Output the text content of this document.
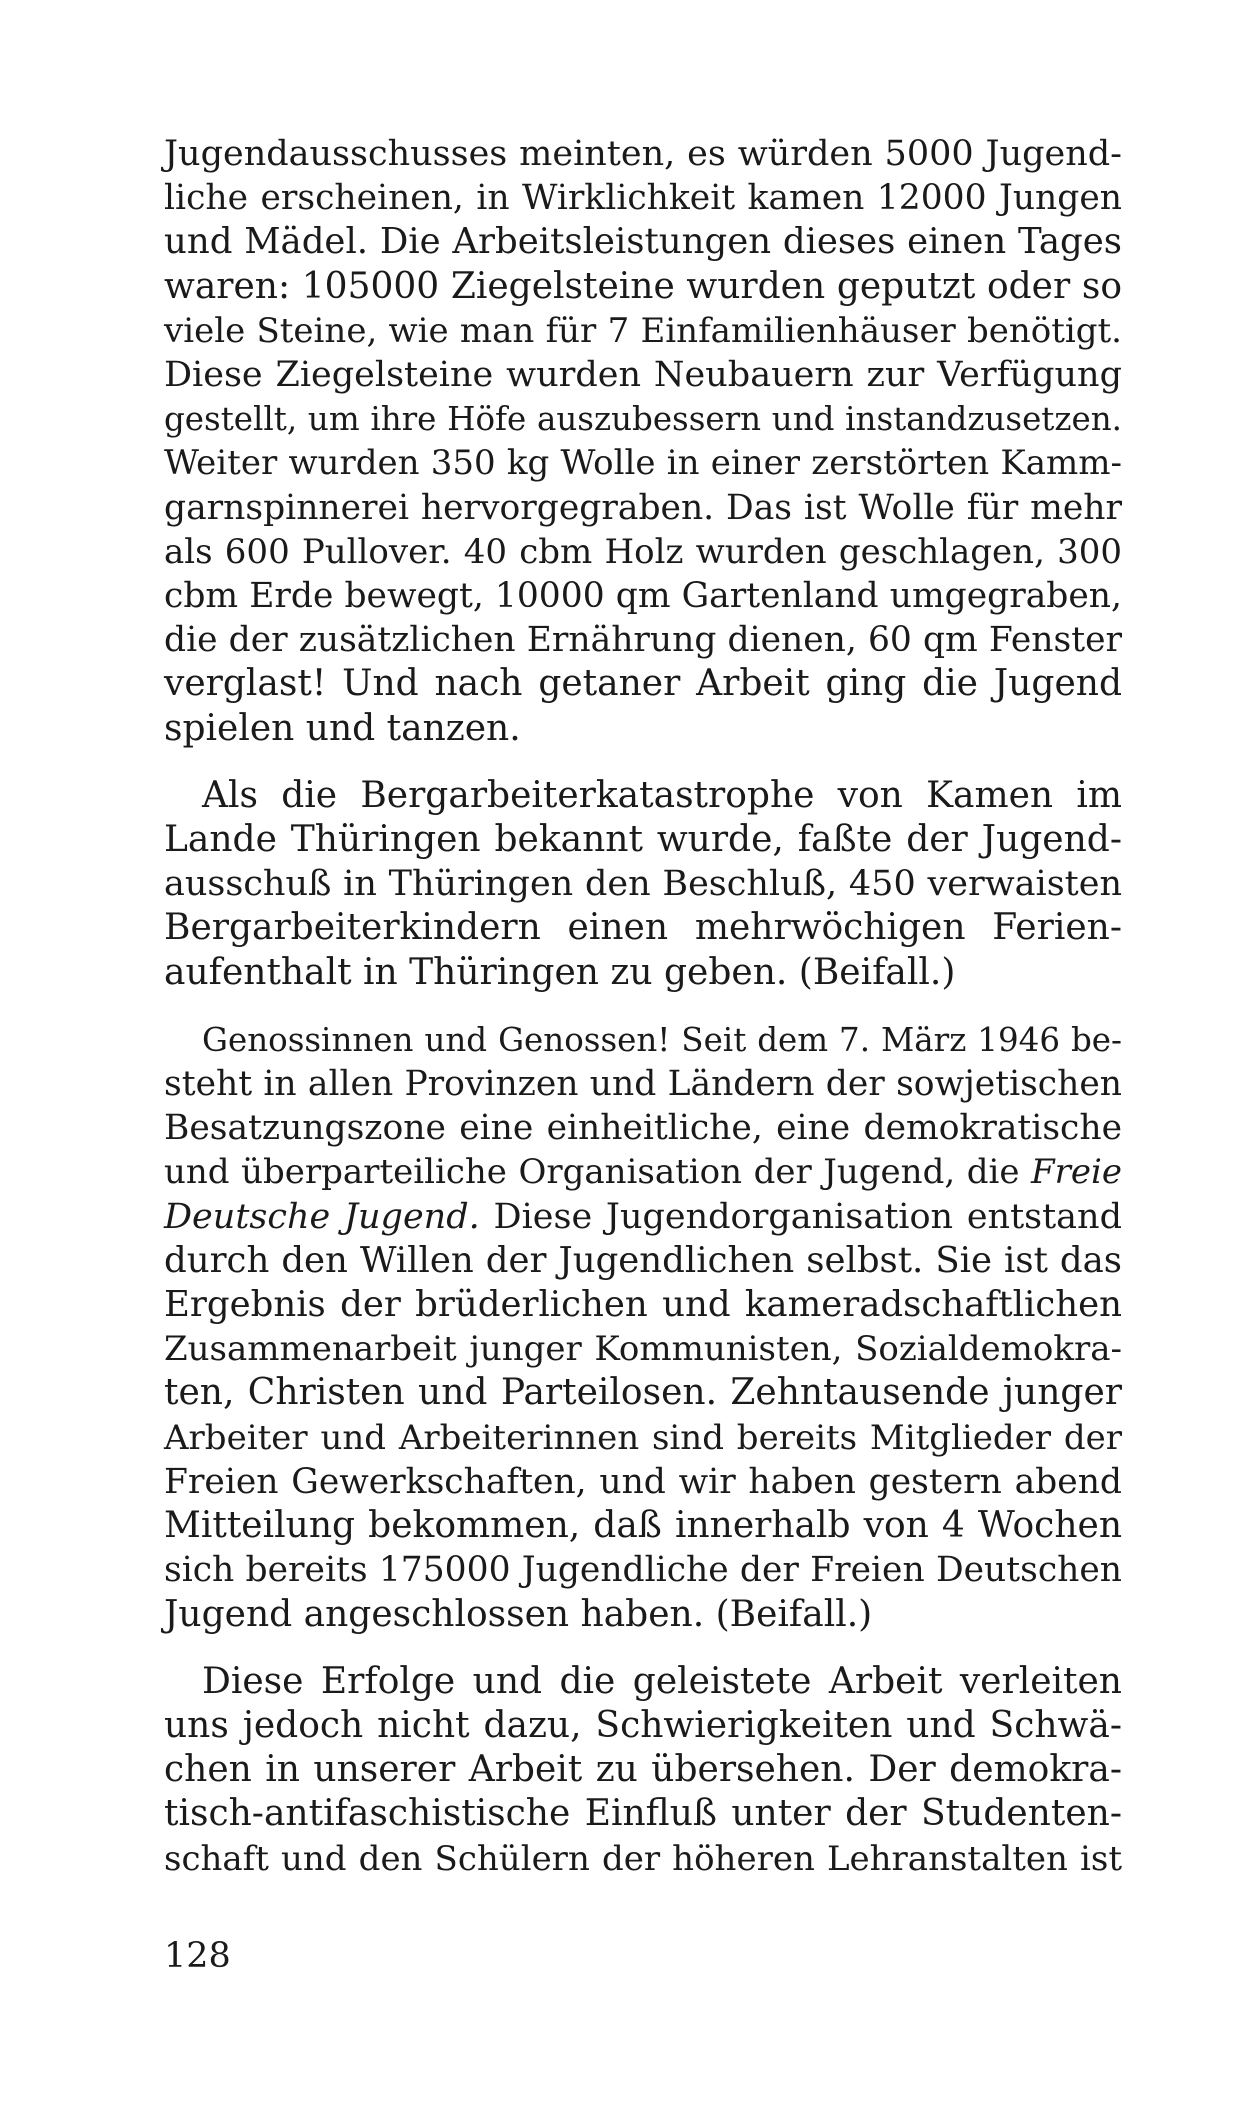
Jugendausschusses meinten, es würden 5000 Jugend-
liche erscheinen, in Wirklichkeit kamen 12000 Jungen
und Mädel. Die Arbeitsleistungen dieses einen Tages
waren: 105000 Ziegelsteine wurden geputzt oder so
viele Steine, wie man für 7 Einfamilienhäuser benötigt.
Diese Ziegelsteine wurden Neubauern zur Verfügung
gestellt, um ihre Höfe auszubessern und instandzusetzen.
Weiter wurden 350 kg Wolle in einer zerstörten Kamm-
garnspinnerei hervorgegraben. Das ist Wolle für mehr
als 600 Pullover. 40 cbm Holz wurden geschlagen, 300
cbm Erde bewegt, 10000 qm Gartenland umgegraben,
die der zusätzlichen Ernährung dienen, 60 qm Fenster
verglast! Und nach getaner Arbeit ging die Jugend
spielen und tanzen.

Als die Bergarbeiterkatastrophe von Kamen im
Lande Thüringen bekannt wurde, faßte der Jugend-
ausschuß in Thüringen den Beschluß, 450 verwaisten
Bergarbeiterkindern einen mehrwöchigen Ferien-
aufenthalt in Thüringen zu geben. (Beifall.)

Genossinnen und Genossen! Seit dem 7. März 1946 be-
steht in allen Provinzen und Ländern der sowjetischen
Besatzungszone eine einheitliche, eine demokratische
und überparteiliche Organisation der Jugend, die Freie
Deutsche Jugend. Diese Jugendorganisation entstand
durch den Willen der Jugendlichen selbst. Sie ist das
Ergebnis der brüderlichen und kameradschaftlichen
Zusammenarbeit junger Kommunisten, Sozialdemokra-
ten, Christen und Parteilosen. Zehntausende junger
Arbeiter und Arbeiterinnen sind bereits Mitglieder der
Freien Gewerkschaften, und wir haben gestern abend
Mitteilung bekommen, daß innerhalb von 4 Wochen
sich bereits 175000 Jugendliche der Freien Deutschen
Jugend angeschlossen haben. (Beifall.)

Diese Erfolge und die geleistete Arbeit verleiten
uns jedoch nicht dazu, Schwierigkeiten und Schwä-
chen in unserer Arbeit zu übersehen. Der demokra-
tisch-antifaschistische Einfluß unter der Studenten-
schaft und den Schülern der höheren Lehranstalten ist

128
